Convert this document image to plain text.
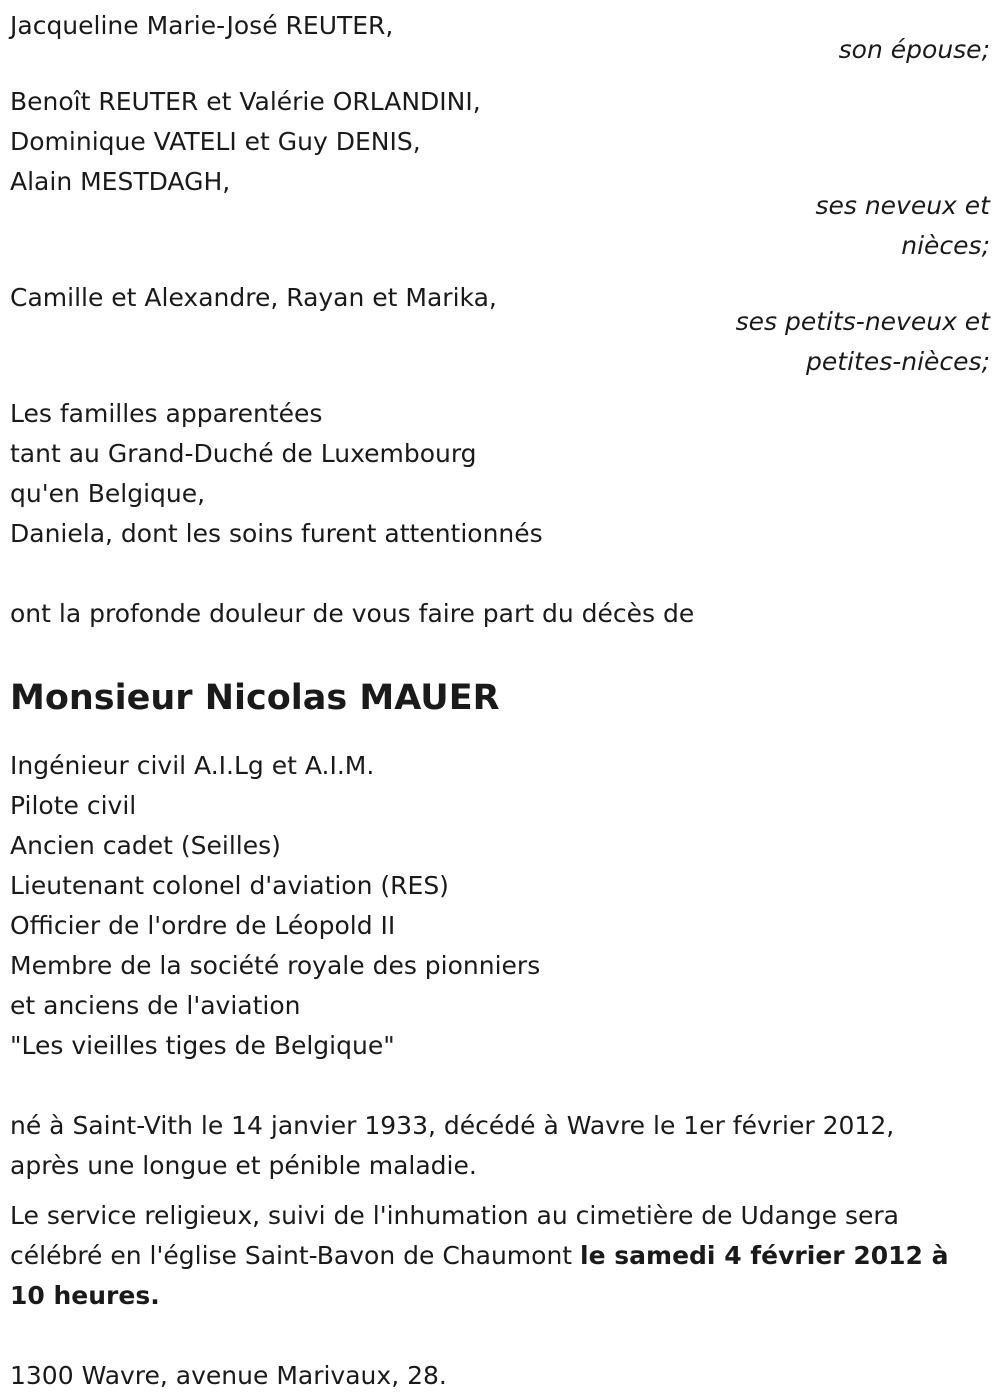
Jacqueline Marie-José REUTER,
son épouse;
Benoît REUTER et Valérie ORLANDINI,
Dominique VATELI et Guy DENIS,
Alain MESTDAGH,
ses neveux et
nièces;
Camille et Alexandre, Rayan et Marika,
ses petits-neveux et
petites-nièces;
Les familles apparentées
tant au Grand-Duché de Luxembourg
qu'en Belgique,
Daniela, dont les soins furent attentionnés
ont la profonde douleur de vous faire part du décès de
Monsieur Nicolas MAUER
Ingénieur civil A.I.Lg et A.I.M.
Pilote civil
Ancien cadet (Seilles)
Lieutenant colonel d'aviation (RES)
Officier de l'ordre de Léopold II
Membre de la société royale des pionniers
et anciens de l'aviation
"Les vieilles tiges de Belgique"
né à Saint-Vith le 14 janvier 1933, décédé à Wavre le 1er février 2012,
après une longue et pénible maladie.
Le service religieux, suivi de l'inhumation au cimetière de Udange sera
célébré en l'église Saint-Bavon de Chaumont le samedi 4 février 2012 à
10 heures.
1300 Wavre, avenue Marivaux, 28.
